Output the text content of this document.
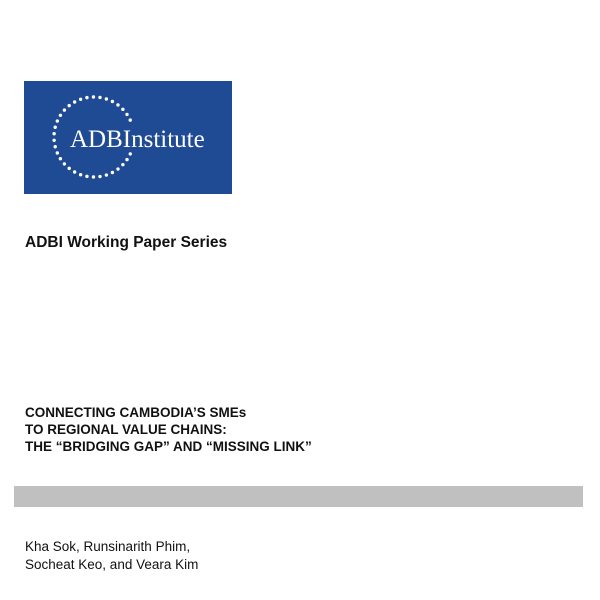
ADBInstitute
ADBI Working Paper Series
CONNECTING CAMBODIA’S SMEs
TO REGIONAL VALUE CHAINS:
THE “BRIDGING GAP” AND “MISSING LINK”
Kha Sok, Runsinarith Phim,
Socheat Keo, and Veara Kim
